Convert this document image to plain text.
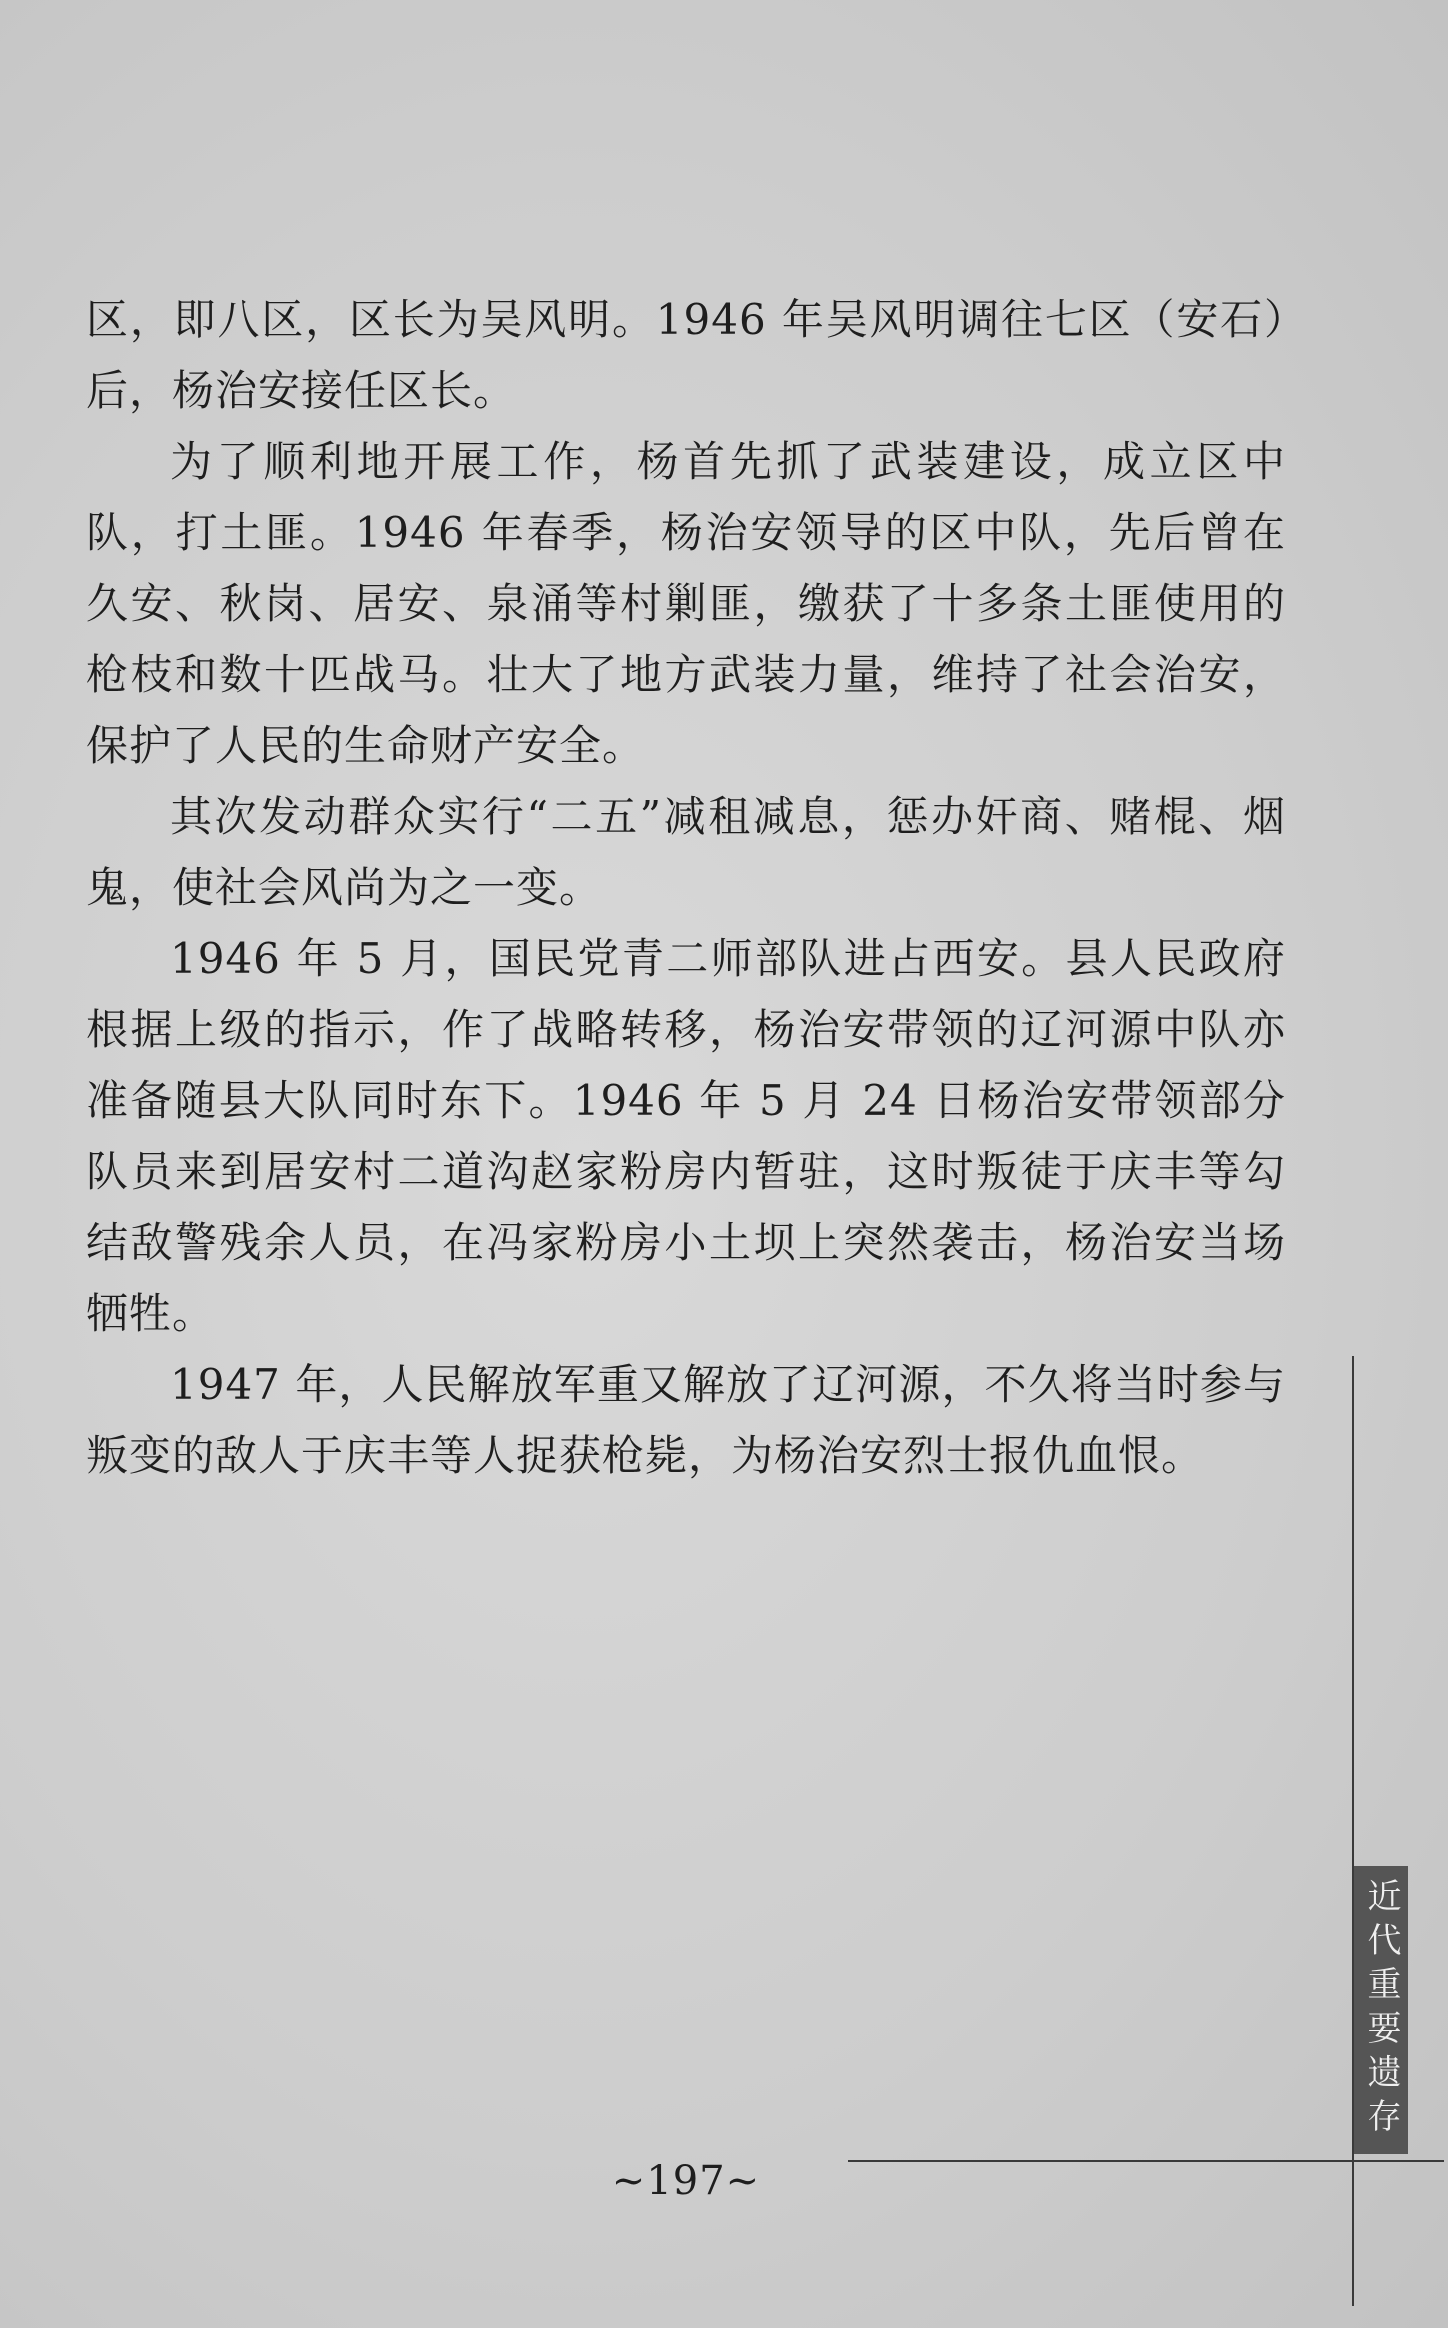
区，即八区，区长为吴风明。1946 年吴风明调往七区（安石）后，杨治安接任区长。

为了顺利地开展工作，杨首先抓了武装建设，成立区中队，打土匪。1946 年春季，杨治安领导的区中队，先后曾在久安、秋岗、居安、泉涌等村剿匪，缴获了十多条土匪使用的枪枝和数十匹战马。壮大了地方武装力量，维持了社会治安，保护了人民的生命财产安全。

其次发动群众实行“二五”减租减息，惩办奸商、赌棍、烟鬼，使社会风尚为之一变。

1946 年 5 月，国民党青二师部队进占西安。县人民政府根据上级的指示，作了战略转移，杨治安带领的辽河源中队亦准备随县大队同时东下。1946 年 5 月 24 日杨治安带领部分队员来到居安村二道沟赵家粉房内暂驻，这时叛徒于庆丰等勾结敌警残余人员，在冯家粉房小土坝上突然袭击，杨治安当场牺牲。

1947 年，人民解放军重又解放了辽河源，不久将当时参与叛变的敌人于庆丰等人捉获枪毙，为杨治安烈士报仇血恨。

近代重要遗存
~197~
